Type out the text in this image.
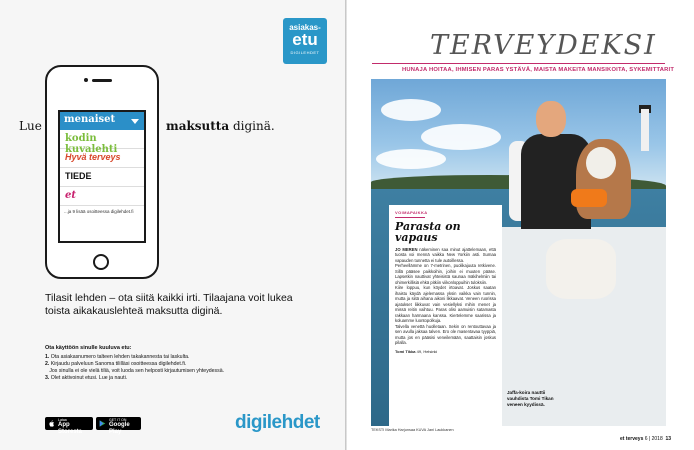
asiakas-
etu
DIGILEHDET
Lue	maksutta diginä.
menaiset
kodin kuvalehti
Hyvä terveys
TIEDE
et
...ja 9 lisää osoitteessa digilehdet.fi
Tilasit lehden – ota siitä kaikki irti. Tilaajana voit lukea toista aikakauslehteä maksutta diginä.
Ota käyttöön sinulle kuuluva etu:
1. Ota asiakasnumero talteen lehden takakannesta tai laskulta.
2. Kirjaudu palveluun Sanoma tililläsi osoitteessa digilehdet.fi.
Jos sinulla ei ole vielä tiliä, voit luoda sen helposti kirjautumisen yhteydessä.
3. Olet aktivoinut etusi. Lue ja nauti.
Lataa
App Storesta
GET IT ON
Google Play	digilehdet
TERVEYDEKSI
HUNAJA HOITAA, IHMISEN PARAS YSTÄVÄ, MAISTA MAKEITA MANSIKOITA, SYKEMITTARIT
Jaffa-koira nauttii vauhdista Tomi Tikan veneen kyydissä.
VOIMAPAIKKA
Parasta on vapaus

JO MEREN näkeminen saa minut ajattelemaan, että tuosta voi mennä vaikka New Yorkiin asti. Sumaa vapauden tunnetta ei tule autoillessa.

Perheellämme on 7-metrinen, puolikajuuta retkivene. Sillä pääsee paikkoihin, joihin ei muuten pääse. Lapsetkin nauttivat yhteisistä saunaa mäkihelmiin tai ohimerkillisiä ehkä pitkiin viikonloppuihin tuloksiin.

Kiire loppuu, kun köydet irtoavat. Joskus saatan ihaistu käydä ajelemassa yksin vaikka vain tunnin, mutta ja siitä aihana aikoni likkaavat. Veneen ruorissa ajatukset liikkuvat vain vesiellyksi mihin menet ja missä reitin vaihtuu. Paras olisi aamuisin satamasta rakkaan harmaana kanssa. Kiertelemme saarissa ja koluamme luontopolkuja.

Talvella venettä huolletaan. Sekin on rentouttavaa ja sen avulla jaksaa talven. Ero ole masentavaa tyyppiä, mutta jos en pääsisi veneilemään, saattaisin joskus pilalla.

Tomi Tikka 49, Helsinki
TEKSTI Marika Harjunsaa KUVA Jani Laukkanen
et terveys 6 | 2018 13
